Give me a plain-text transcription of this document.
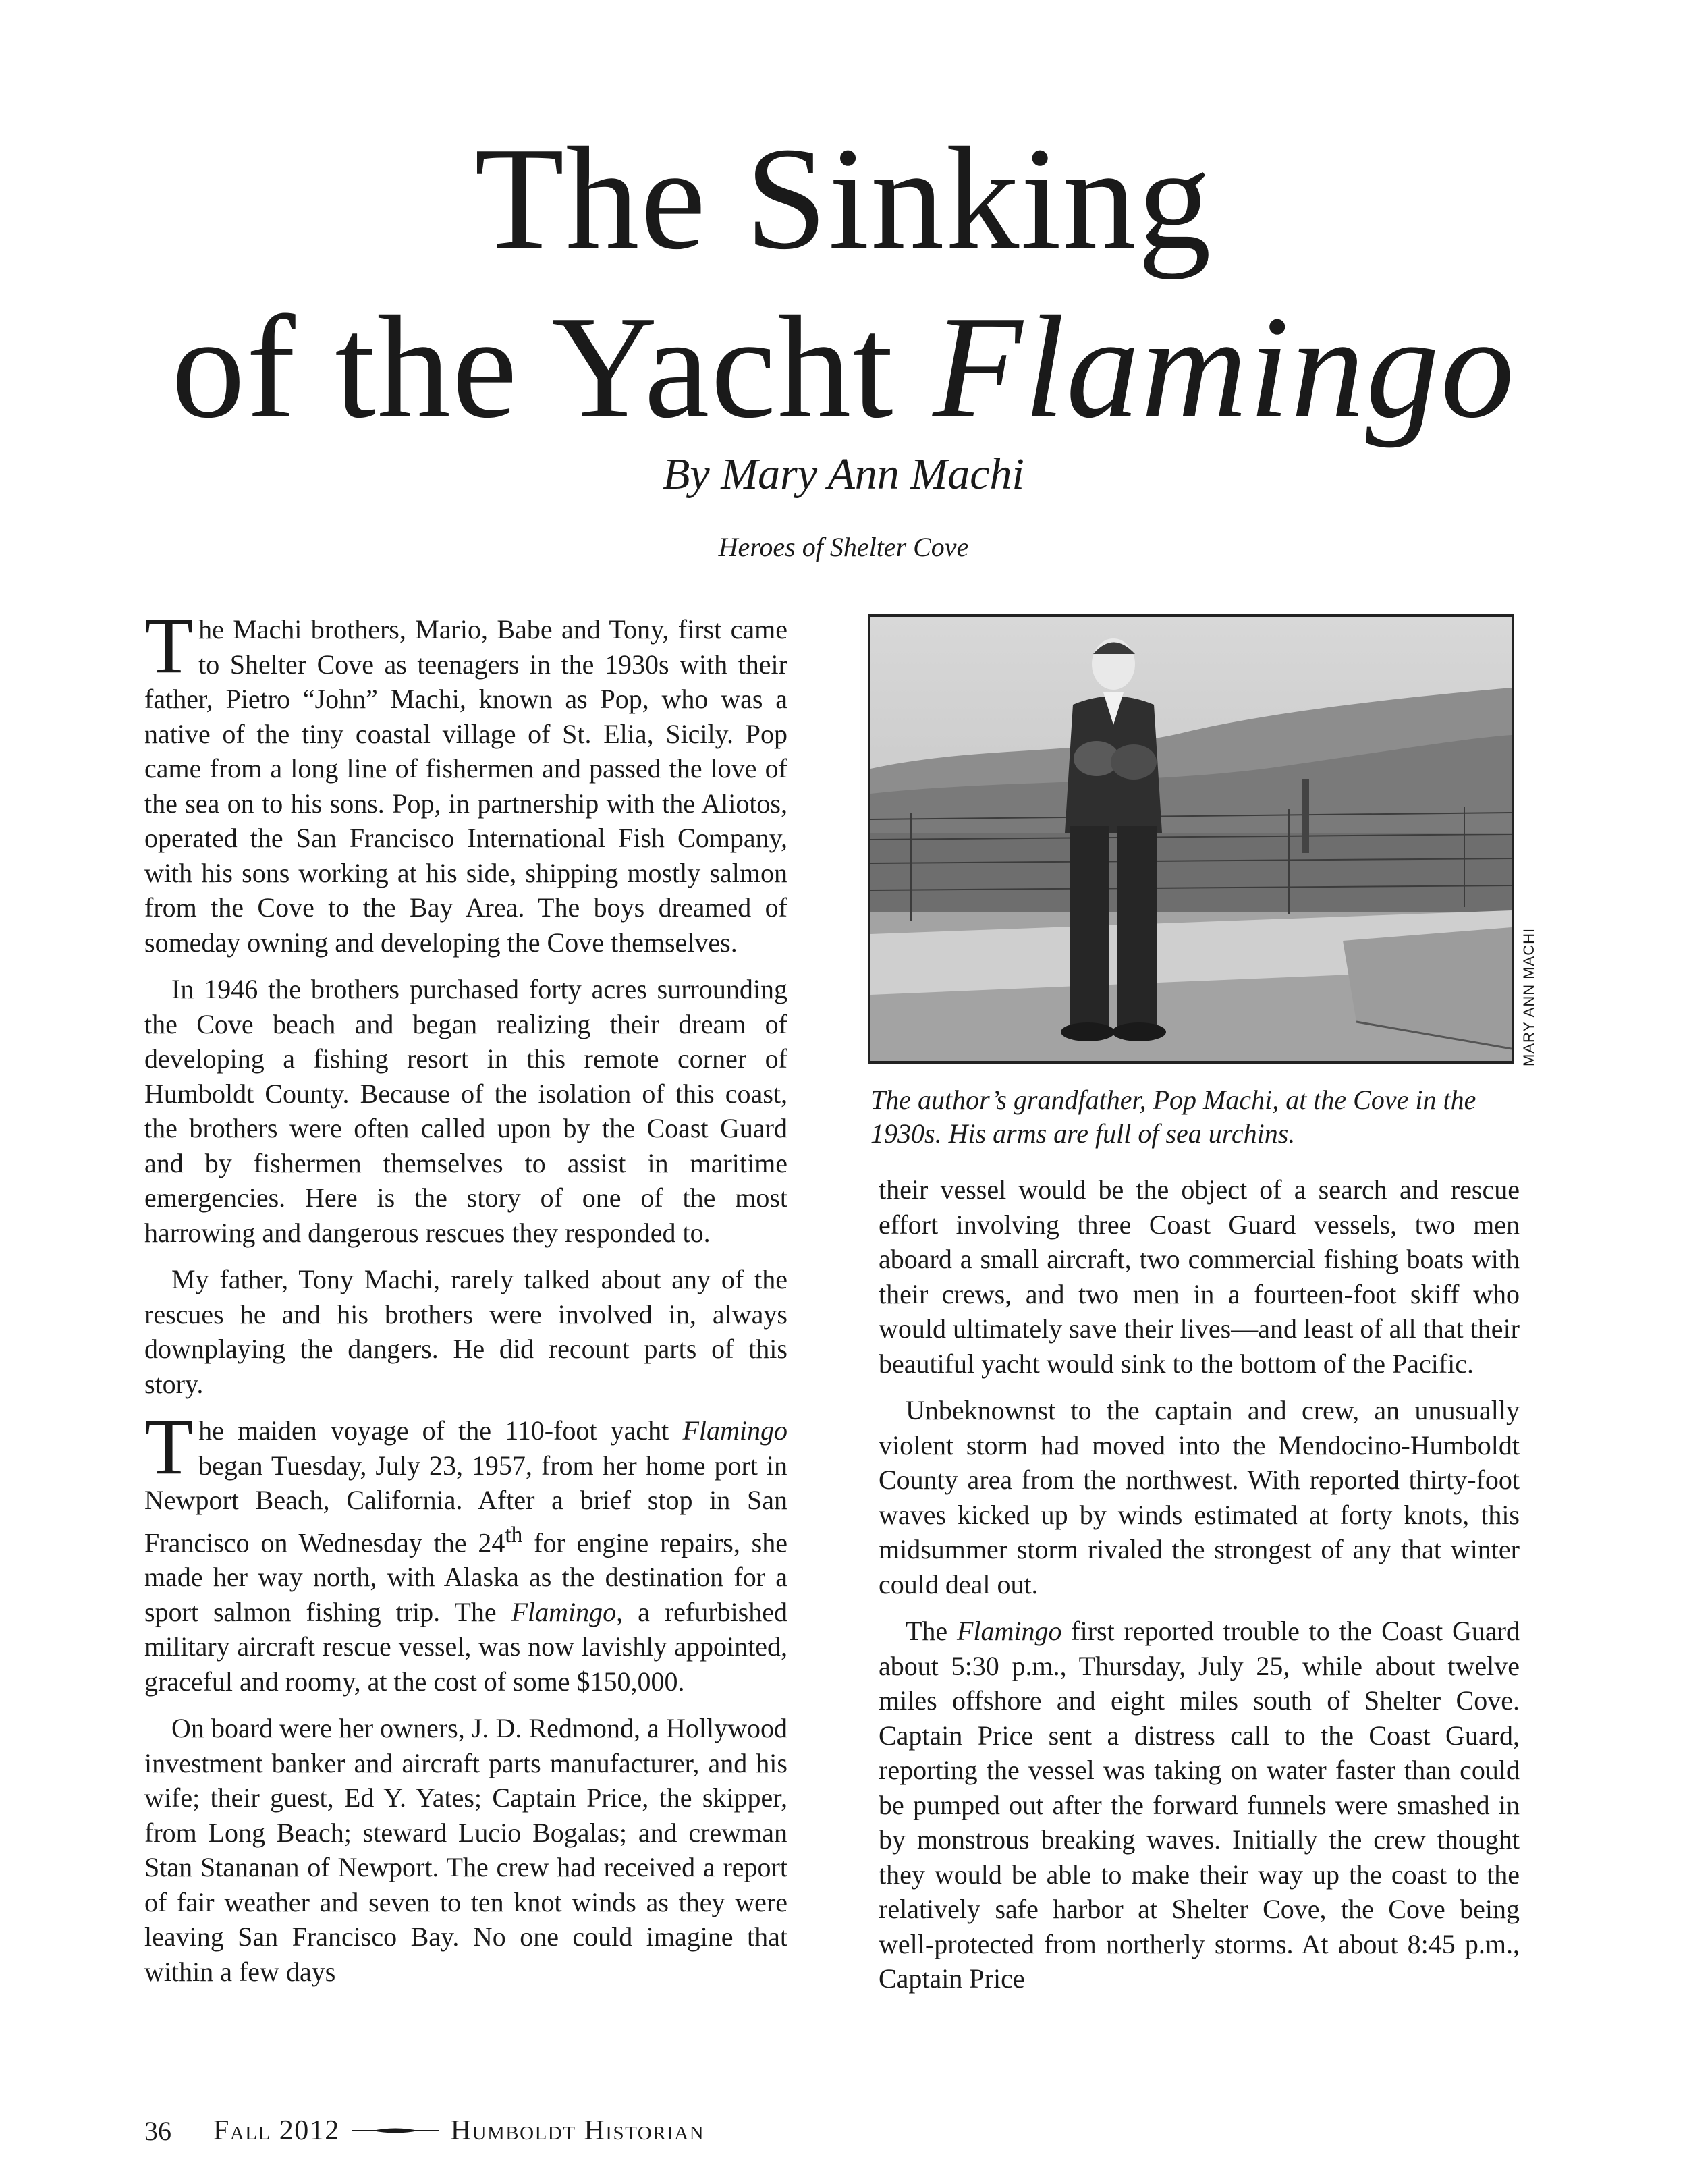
The Sinking
of the Yacht Flamingo

By Mary Ann Machi

Heroes of Shelter Cove

The Machi brothers, Mario, Babe and Tony, first came to Shelter Cove as teenagers in the 1930s with their father, Pietro “John” Machi, known as Pop, who was a native of the tiny coastal village of St. Elia, Sicily. Pop came from a long line of fishermen and passed the love of the sea on to his sons. Pop, in partnership with the Aliotos, operated the San Francisco International Fish Company, with his sons working at his side, shipping mostly salmon from the Cove to the Bay Area. The boys dreamed of someday owning and developing the Cove themselves.

In 1946 the brothers purchased forty acres surrounding the Cove beach and began realizing their dream of developing a fishing resort in this remote corner of Humboldt County. Because of the isolation of this coast, the brothers were often called upon by the Coast Guard and by fishermen themselves to assist in maritime emergencies. Here is the story of one of the most harrowing and dangerous rescues they responded to.

My father, Tony Machi, rarely talked about any of the rescues he and his brothers were involved in, always downplaying the dangers. He did recount parts of this story.

The maiden voyage of the 110-foot yacht Flamingo began Tuesday, July 23, 1957, from her home port in Newport Beach, California. After a brief stop in San Francisco on Wednesday the 24th for engine repairs, she made her way north, with Alaska as the destination for a sport salmon fishing trip. The Flamingo, a refurbished military aircraft rescue vessel, was now lavishly appointed, graceful and roomy, at the cost of some $150,000.

On board were her owners, J. D. Redmond, a Hollywood investment banker and aircraft parts manufacturer, and his wife; their guest, Ed Y. Yates; Captain Price, the skipper, from Long Beach; steward Lucio Bogalas; and crewman Stan Stananan of Newport. The crew had received a report of fair weather and seven to ten knot winds as they were leaving San Francisco Bay. No one could imagine that within a few days

MARY ANN MACHI

The author’s grandfather, Pop Machi, at the Cove in the 1930s. His arms are full of sea urchins.

their vessel would be the object of a search and rescue effort involving three Coast Guard vessels, two men aboard a small aircraft, two commercial fishing boats with their crews, and two men in a fourteen-foot skiff who would ultimately save their lives—and least of all that their beautiful yacht would sink to the bottom of the Pacific.

Unbeknownst to the captain and crew, an unusually violent storm had moved into the Mendocino-Humboldt County area from the northwest. With reported thirty-foot waves kicked up by winds estimated at forty knots, this midsummer storm rivaled the strongest of any that winter could deal out.

The Flamingo first reported trouble to the Coast Guard about 5:30 p.m., Thursday, July 25, while about twelve miles offshore and eight miles south of Shelter Cove. Captain Price sent a distress call to the Coast Guard, reporting the vessel was taking on water faster than could be pumped out after the forward funnels were smashed in by monstrous breaking waves. Initially the crew thought they would be able to make their way up the coast to the relatively safe harbor at Shelter Cove, the Cove being well-protected from northerly storms. At about 8:45 p.m., Captain Price

36 Fall 2012	Humboldt Historian
